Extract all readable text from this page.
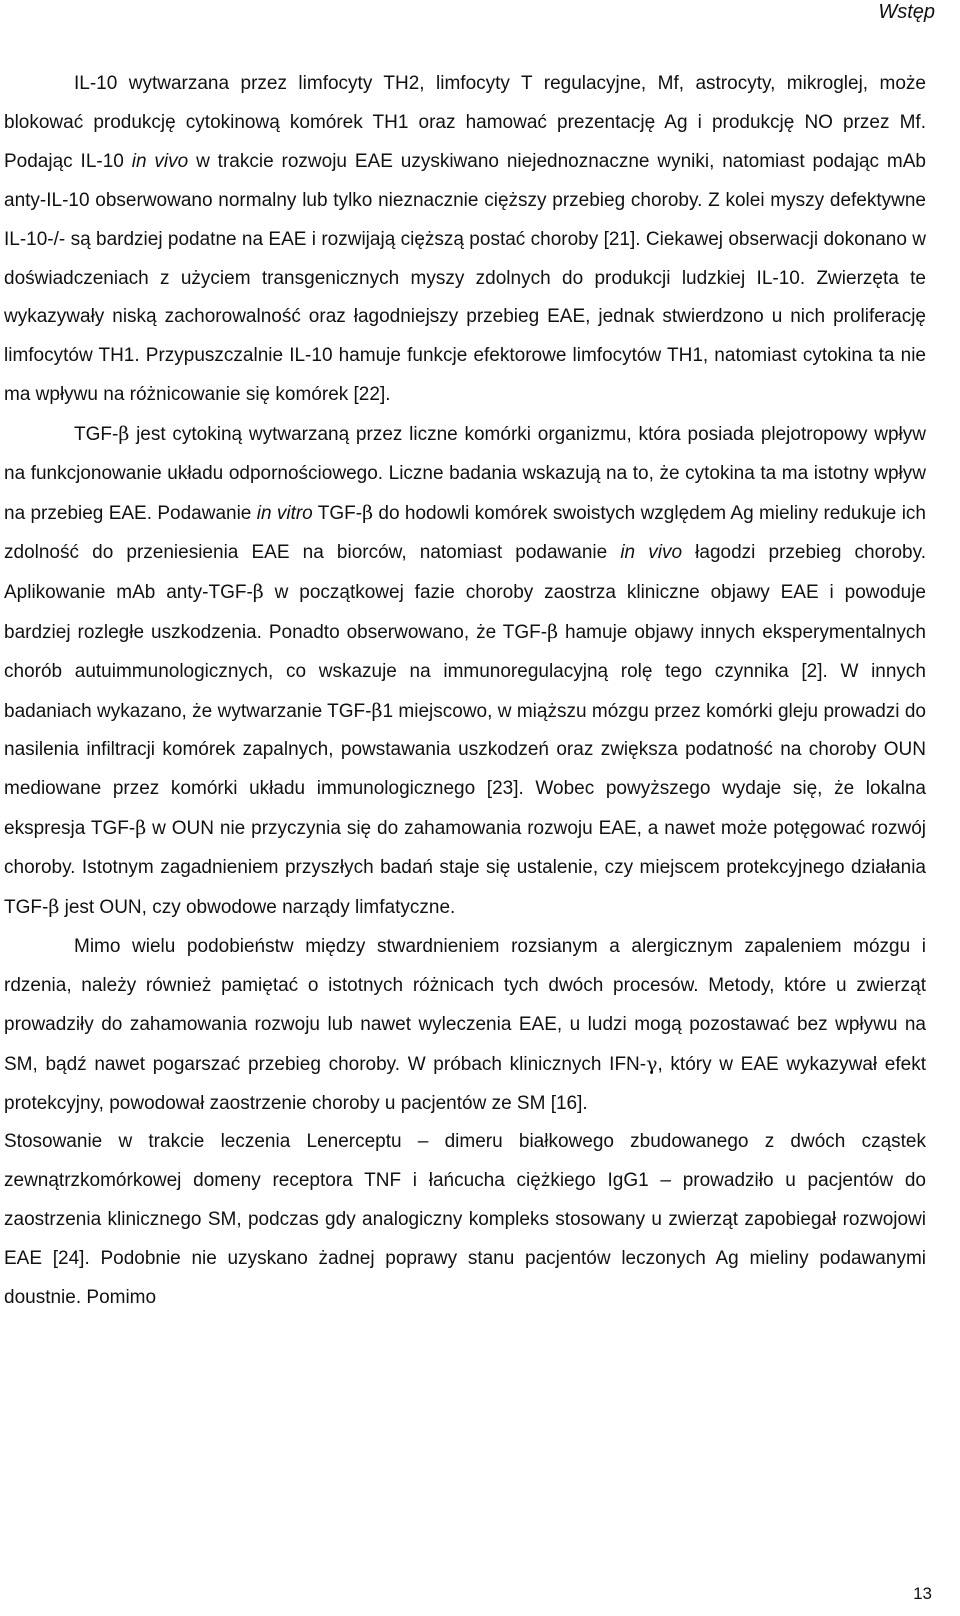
Wstęp

IL-10 wytwarzana przez limfocyty TH2, limfocyty T regulacyjne, Mf, astrocyty, mikroglej, może blokować produkcję cytokinową komórek TH1 oraz hamować prezentację Ag i produkcję NO przez Mf. Podając IL-10 in vivo w trakcie rozwoju EAE uzyskiwano niejednoznaczne wyniki, natomiast podając mAb anty-IL-10 obserwowano normalny lub tylko nieznacznie cięższy przebieg choroby. Z kolei myszy defektywne IL-10-/- są bardziej podatne na EAE i rozwijają cięższą postać choroby [21]. Ciekawej obserwacji dokonano w doświadczeniach z użyciem transgenicznych myszy zdolnych do produkcji ludzkiej IL-10. Zwierzęta te wykazywały niską zachorowalność oraz łagodniejszy przebieg EAE, jednak stwierdzono u nich proliferację limfocytów TH1. Przypuszczalnie IL-10 hamuje funkcje efektorowe limfocytów TH1, natomiast cytokina ta nie ma wpływu na różnicowanie się komórek [22].

TGF-β jest cytokiną wytwarzaną przez liczne komórki organizmu, która posiada plejotropowy wpływ na funkcjonowanie układu odpornościowego. Liczne badania wskazują na to, że cytokina ta ma istotny wpływ na przebieg EAE. Podawanie in vitro TGF-β do hodowli komórek swoistych względem Ag mieliny redukuje ich zdolność do przeniesienia EAE na biorców, natomiast podawanie in vivo łagodzi przebieg choroby. Aplikowanie mAb anty-TGF-β w początkowej fazie choroby zaostrza kliniczne objawy EAE i powoduje bardziej rozległe uszkodzenia. Ponadto obserwowano, że TGF-β hamuje objawy innych eksperymentalnych chorób autuimmunologicznych, co wskazuje na immunoregulacyjną rolę tego czynnika [2]. W innych badaniach wykazano, że wytwarzanie TGF-β1 miejscowo, w miąższu mózgu przez komórki gleju prowadzi do nasilenia infiltracji komórek zapalnych, powstawania uszkodzeń oraz zwiększa podatność na choroby OUN mediowane przez komórki układu immunologicznego [23]. Wobec powyższego wydaje się, że lokalna ekspresja TGF-β w OUN nie przyczynia się do zahamowania rozwoju EAE, a nawet może potęgować rozwój choroby. Istotnym zagadnieniem przyszłych badań staje się ustalenie, czy miejscem protekcyjnego działania TGF-β jest OUN, czy obwodowe narządy limfatyczne.

Mimo wielu podobieństw między stwardnieniem rozsianym a alergicznym zapaleniem mózgu i rdzenia, należy również pamiętać o istotnych różnicach tych dwóch procesów. Metody, które u zwierząt prowadziły do zahamowania rozwoju lub nawet wyleczenia EAE, u ludzi mogą pozostawać bez wpływu na SM, bądź nawet pogarszać przebieg choroby. W próbach klinicznych IFN-γ, który w EAE wykazywał efekt protekcyjny, powodował zaostrzenie choroby u pacjentów ze SM [16].

Stosowanie w trakcie leczenia Lenerceptu – dimeru białkowego zbudowanego z dwóch cząstek zewnątrzkomórkowej domeny receptora TNF i łańcucha ciężkiego IgG1 – prowadziło u pacjentów do zaostrzenia klinicznego SM, podczas gdy analogiczny kompleks stosowany u zwierząt zapobiegał rozwojowi EAE [24]. Podobnie nie uzyskano żadnej poprawy stanu pacjentów leczonych Ag mieliny podawanymi doustnie. Pomimo

13
